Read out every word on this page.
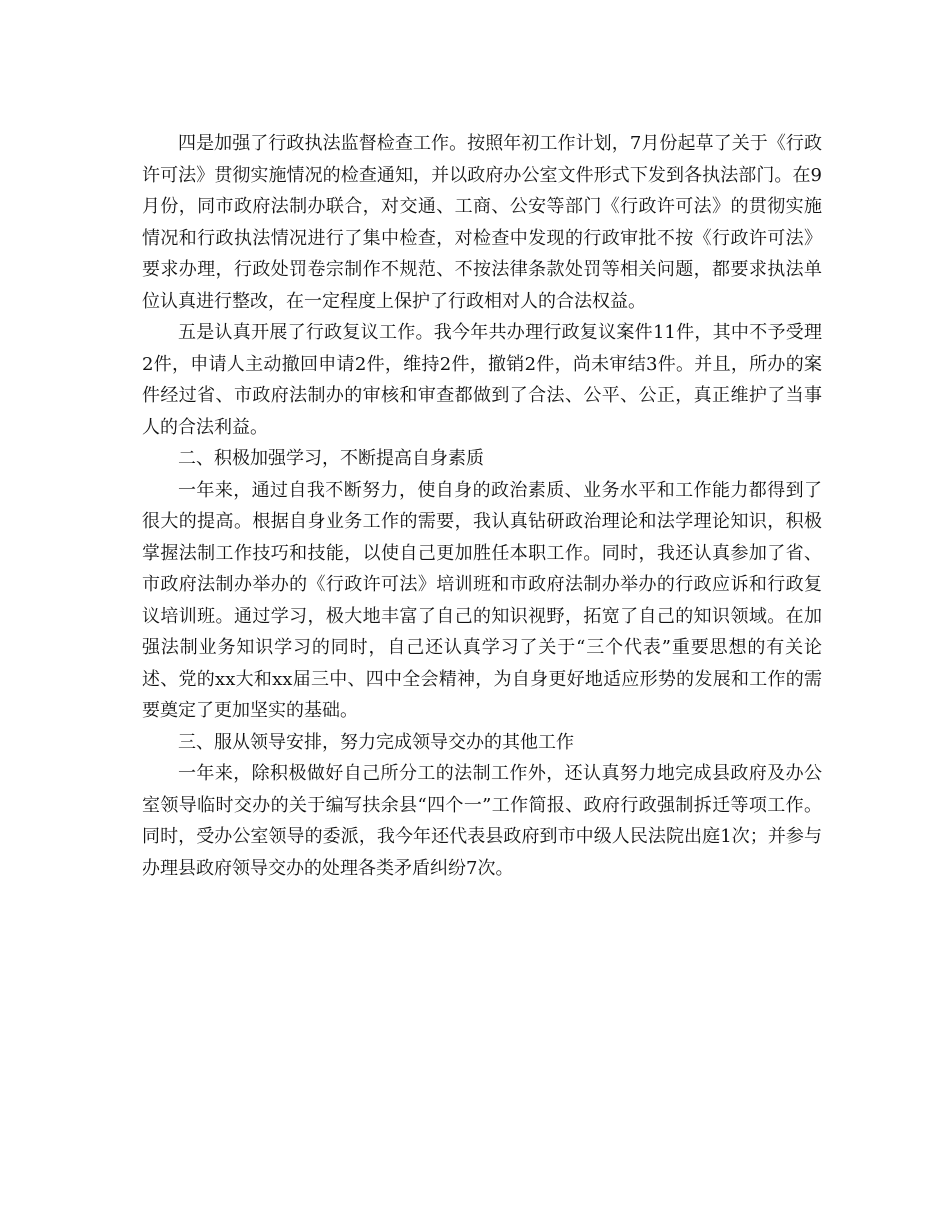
四是加强了行政执法监督检查工作。按照年初工作计划，7月份起草了关于《行政许可法》贯彻实施情况的检查通知，并以政府办公室文件形式下发到各执法部门。在9月份，同市政府法制办联合，对交通、工商、公安等部门《行政许可法》的贯彻实施情况和行政执法情况进行了集中检查，对检查中发现的行政审批不按《行政许可法》要求办理，行政处罚卷宗制作不规范、不按法律条款处罚等相关问题，都要求执法单位认真进行整改，在一定程度上保护了行政相对人的合法权益。

五是认真开展了行政复议工作。我今年共办理行政复议案件11件，其中不予受理2件，申请人主动撤回申请2件，维持2件，撤销2件，尚未审结3件。并且，所办的案件经过省、市政府法制办的审核和审查都做到了合法、公平、公正，真正维护了当事人的合法利益。

二、积极加强学习，不断提高自身素质

一年来，通过自我不断努力，使自身的政治素质、业务水平和工作能力都得到了很大的提高。根据自身业务工作的需要，我认真钻研政治理论和法学理论知识，积极掌握法制工作技巧和技能，以使自己更加胜任本职工作。同时，我还认真参加了省、市政府法制办举办的《行政许可法》培训班和市政府法制办举办的行政应诉和行政复议培训班。通过学习，极大地丰富了自己的知识视野，拓宽了自己的知识领域。在加强法制业务知识学习的同时，自己还认真学习了关于“三个代表”重要思想的有关论述、党的xx大和xx届三中、四中全会精神，为自身更好地适应形势的发展和工作的需要奠定了更加坚实的基础。

三、服从领导安排，努力完成领导交办的其他工作

一年来，除积极做好自己所分工的法制工作外，还认真努力地完成县政府及办公室领导临时交办的关于编写扶余县“四个一”工作简报、政府行政强制拆迁等项工作。同时，受办公室领导的委派，我今年还代表县政府到市中级人民法院出庭1次；并参与办理县政府领导交办的处理各类矛盾纠纷7次。
